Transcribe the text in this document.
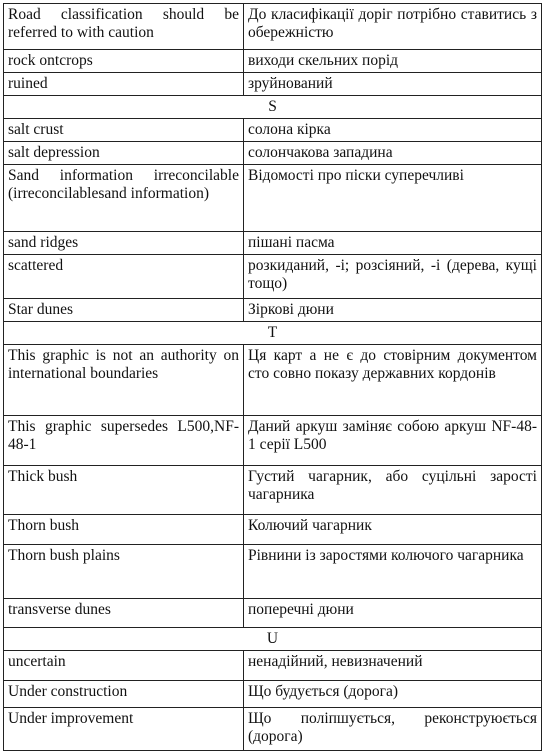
Road classification should be referred to with caution	До класифікації доріг потрібно ставитись з обережністю
rock ontcrops	виходи скельних порід
ruined	зруйнований
S	
salt crust	солона кірка
salt depression	солончакова западина
Sand information irreconcilable (irreconcilablesand information)	Відомості про піски суперечливі
sand ridges	пішані пасма
scattered	розкиданий, -і; розсіяний, -і (дерева, кущі тощо)
Star dunes	Зіркові дюни
T	
This graphic is not an authority on international boundaries	Ця карт а не є до стовірним документом сто совно показу державних кордонів
This graphic supersedes L500,NF-48-1	Даний аркуш заміняє собою аркуш NF-48-1 серії L500
Thick bush	Густий чагарник, або суцільні зарості чагарника
Thorn bush	Колючий чагарник
Thorn bush plains	Рівнини із заростями колючого чагарника
transverse dunes	поперечні дюни
U	
uncertain	ненадійний, невизначений
Under construction	Що будується (дорога)
Under improvement	Що поліпшується, реконструюється (дорога)
